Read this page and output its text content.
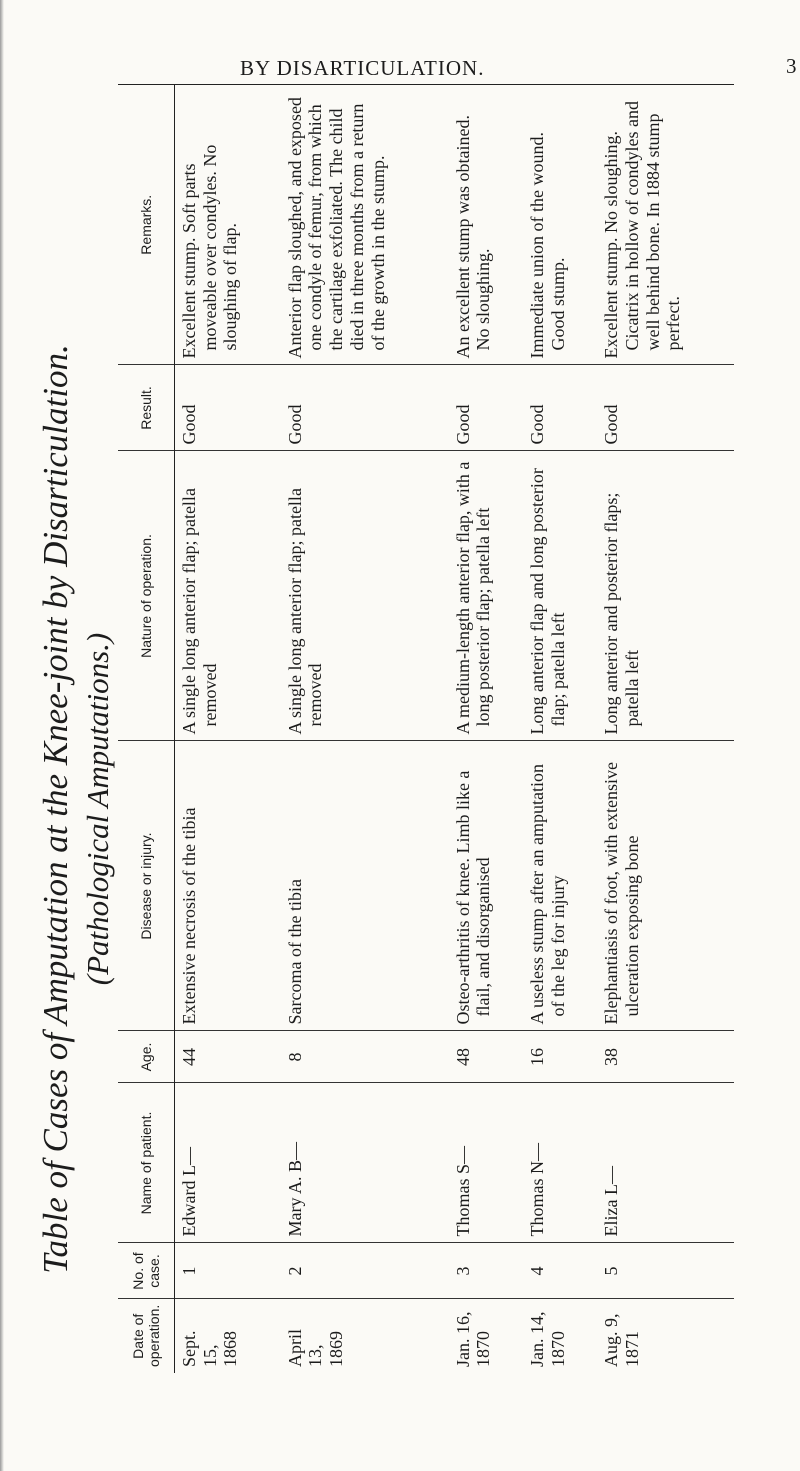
BY DISARTICULATION.	3
Table of Cases of Amputation at the Knee-joint by Disarticulation. (Pathological Amputations.)
Date of operation.	No. of case.	Name of patient.	Age.	Disease or injury.	Nature of operation.	Result.	Remarks.
Sept. 15, 1868	1	Edward L—	44	Extensive necrosis of the tibia	A single long anterior flap; patella removed	Good	Excellent stump. Soft parts moveable over condyles. No sloughing of flap.
April 13, 1869	2	Mary A. B—	8	Sarcoma of the tibia	A single long anterior flap; patella removed	Good	Anterior flap sloughed, and exposed one condyle of femur, from which the cartilage exfoliated. The child died in three months from a return of the growth in the stump.
Jan. 16, 1870	3	Thomas S—	48	Osteo-arthritis of knee. Limb like a flail, and disorganised	A medium-length anterior flap, with a long posterior flap; patella left	Good	An excellent stump was obtained. No sloughing.
Jan. 14, 1870	4	Thomas N—	16	A useless stump after an amputation of the leg for injury	Long anterior flap and long posterior flap; patella left	Good	Immediate union of the wound. Good stump.
Aug. 9, 1871	5	Eliza L—	38	Elephantiasis of foot, with extensive ulceration exposing bone	Long anterior and posterior flaps; patella left	Good	Excellent stump. No sloughing. Cicatrix in hollow of condyles and well behind bone. In 1884 stump perfect.
